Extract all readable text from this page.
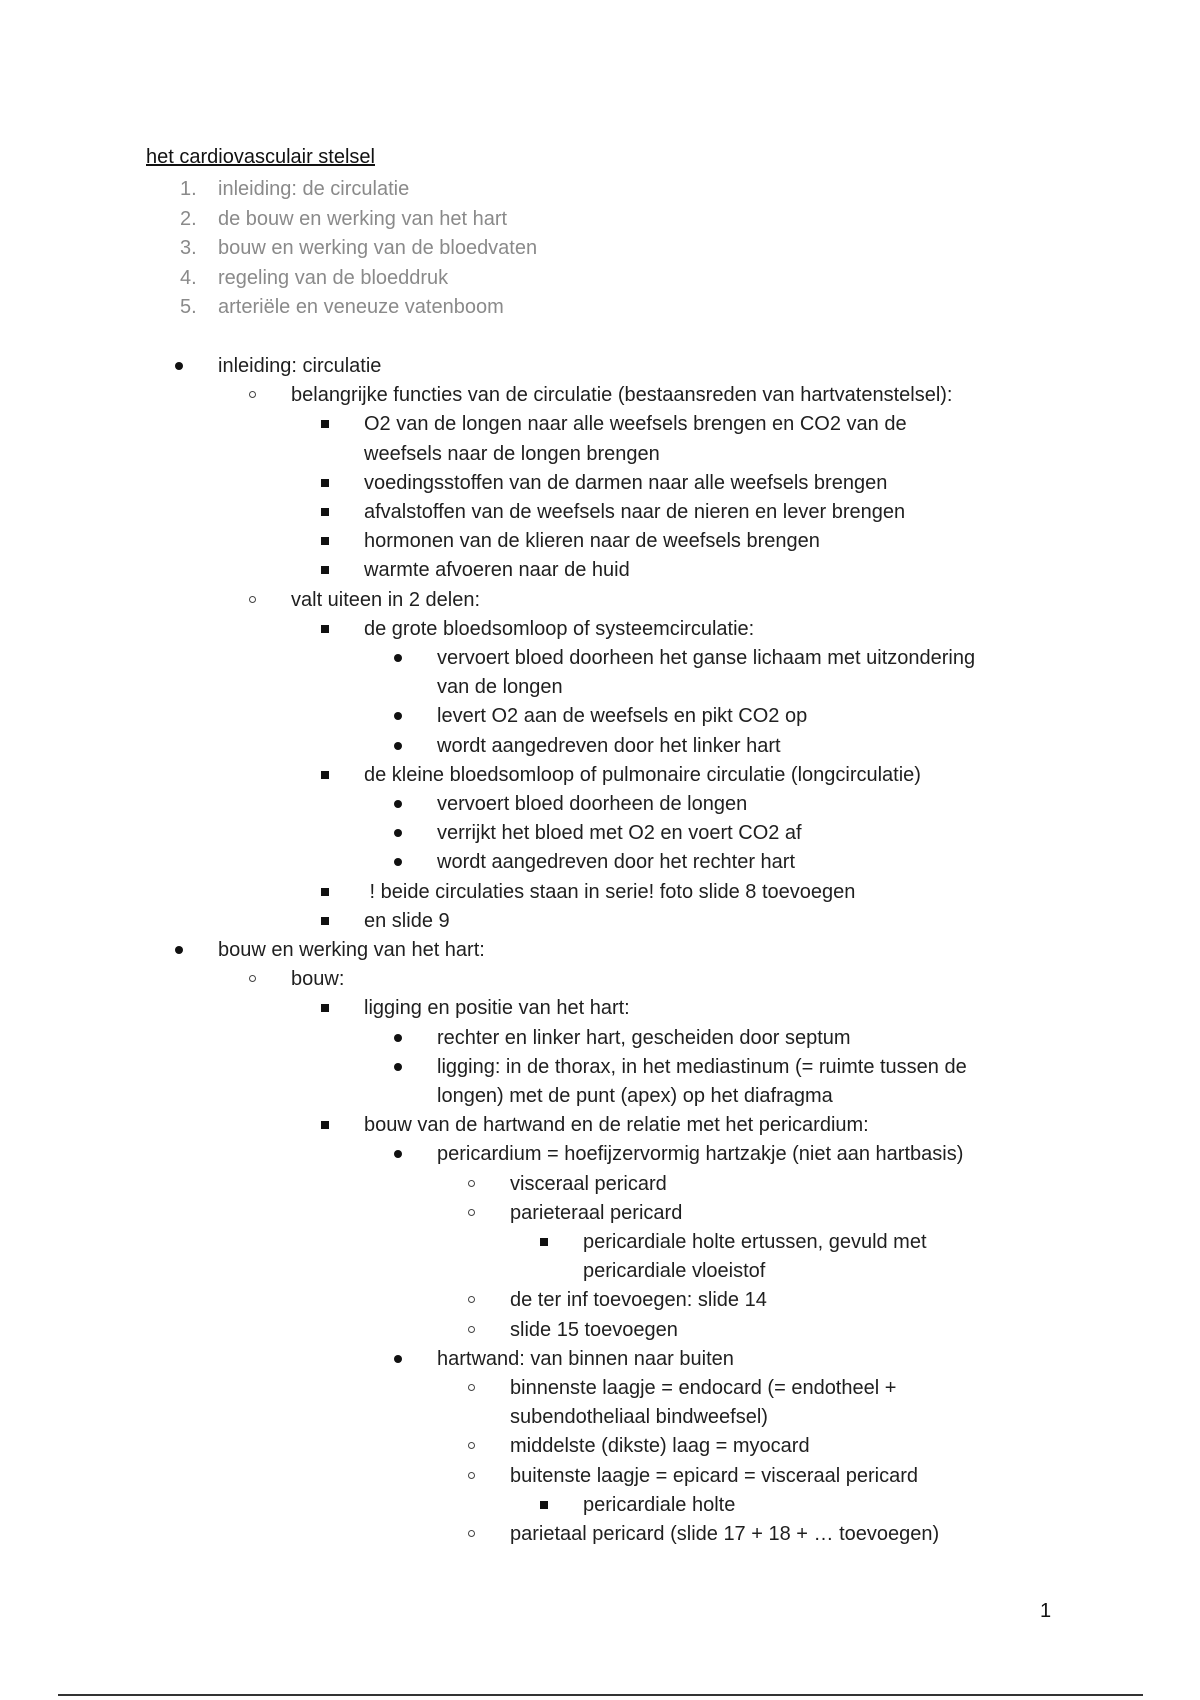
het cardiovasculair stelsel
1. inleiding: de circulatie
2. de bouw en werking van het hart
3. bouw en werking van de bloedvaten
4. regeling van de bloeddruk
5. arteriële en veneuze vatenboom
inleiding: circulatie
belangrijke functies van de circulatie (bestaansreden van hartvatenstelsel):
O2 van de longen naar alle weefsels brengen en CO2 van de
weefsels naar de longen brengen
voedingsstoffen van de darmen naar alle weefsels brengen
afvalstoffen van de weefsels naar de nieren en lever brengen
hormonen van de klieren naar de weefsels brengen
warmte afvoeren naar de huid
valt uiteen in 2 delen:
de grote bloedsomloop of systeemcirculatie:
vervoert bloed doorheen het ganse lichaam met uitzondering
van de longen
levert O2 aan de weefsels en pikt CO2 op
wordt aangedreven door het linker hart
de kleine bloedsomloop of pulmonaire circulatie (longcirculatie)
vervoert bloed doorheen de longen
verrijkt het bloed met O2 en voert CO2 af
wordt aangedreven door het rechter hart
! beide circulaties staan in serie! foto slide 8 toevoegen
en slide 9
bouw en werking van het hart:
bouw:
ligging en positie van het hart:
rechter en linker hart, gescheiden door septum
ligging: in de thorax, in het mediastinum (= ruimte tussen de
longen) met de punt (apex) op het diafragma
bouw van de hartwand en de relatie met het pericardium:
pericardium = hoefijzervormig hartzakje (niet aan hartbasis)
visceraal pericard
parieteraal pericard
pericardiale holte ertussen, gevuld met
pericardiale vloeistof
de ter inf toevoegen: slide 14
slide 15 toevoegen
hartwand: van binnen naar buiten
binnenste laagje = endocard (= endotheel +
subendotheliaal bindweefsel)
middelste (dikste) laag = myocard
buitenste laagje = epicard = visceraal pericard
pericardiale holte
parietaal pericard (slide 17 + 18 + … toevoegen)
1
